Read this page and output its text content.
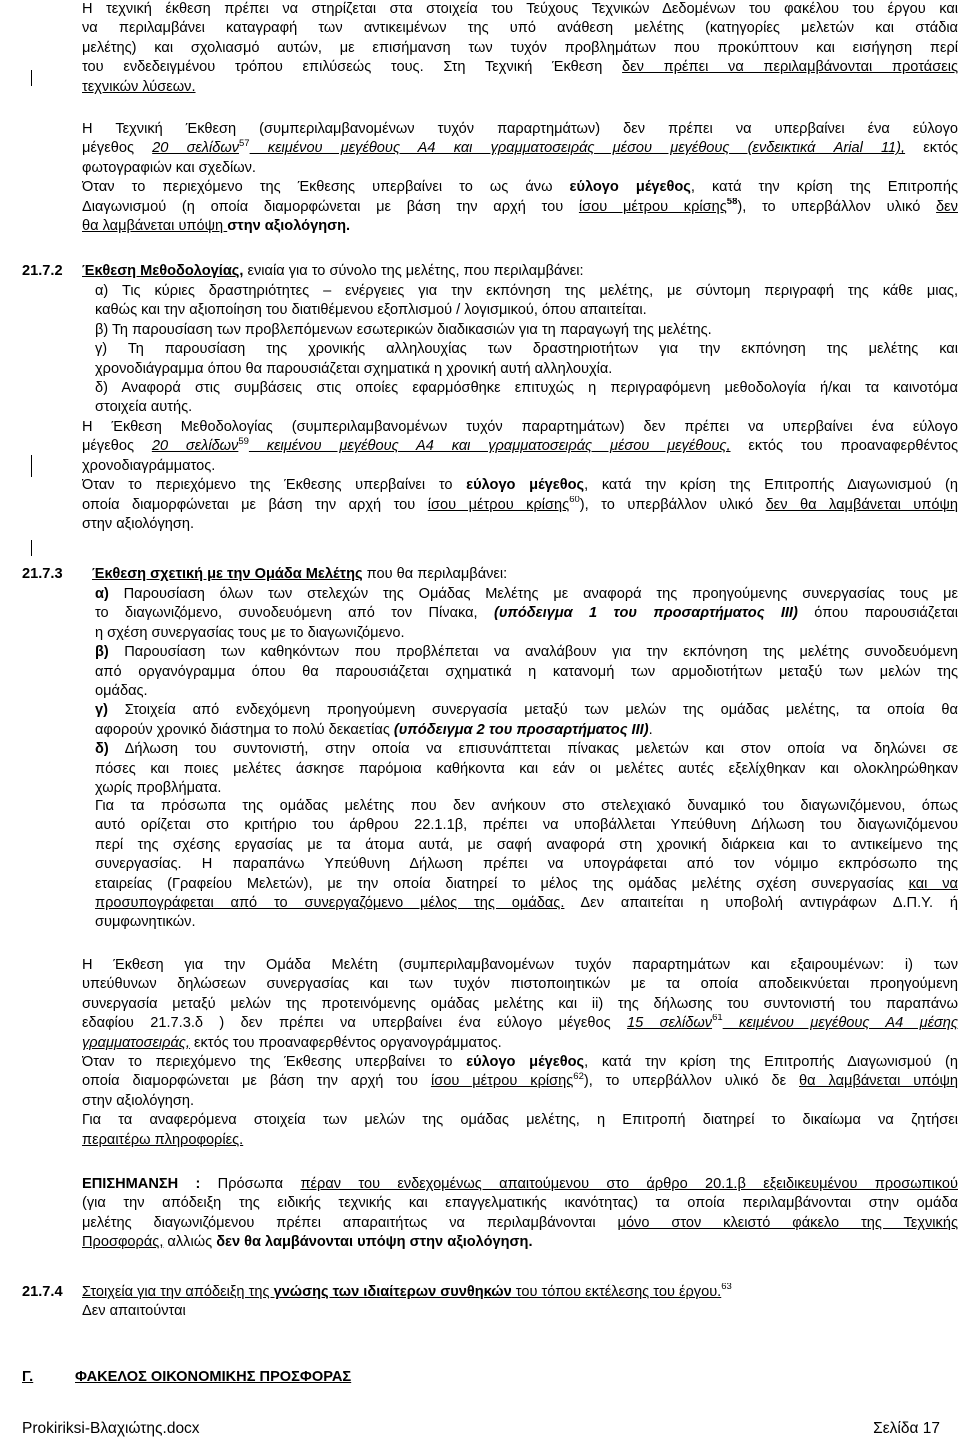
Η τεχνική έκθεση πρέπει να στηρίζεται στα στοιχεία του Τεύχους Τεχνικών Δεδομένων του φακέλου του έργου και
να περιλαμβάνει καταγραφή των αντικειμένων της υπό ανάθεση μελέτης (κατηγορίες μελετών και στάδια
μελέτης) και σχολιασμό αυτών, με επισήμανση των τυχόν προβλημάτων που προκύπτουν και εισήγηση περί
του ενδεδειγμένου τρόπου επιλύσεώς τους. Στη Τεχνική Έκθεση δεν πρέπει να περιλαμβάνονται προτάσεις
τεχνικών λύσεων.
Η Τεχνική Έκθεση (συμπεριλαμβανομένων τυχόν παραρτημάτων) δεν πρέπει να υπερβαίνει ένα εύλογο
μέγεθος 20 σελίδων$^{57}$ κειμένου μεγέθους Α4 και γραμματοσειράς μέσου μεγέθους (ενδεικτικά Arial 11), εκτός
φωτογραφιών και σχεδίων.
Όταν το περιεχόμενο της Έκθεσης υπερβαίνει το ως άνω εύλογο μέγεθος, κατά την κρίση της Επιτροπής
Διαγωνισμού (η οποία διαμορφώνεται με βάση την αρχή του ίσου μέτρου κρίσης$^{58}$), το υπερβάλλον υλικό δεν
θα λαμβάνεται υπόψη στην αξιολόγηση.
21.7.2 Έκθεση Μεθοδολογίας, ενιαία για το σύνολο της μελέτης, που περιλαμβάνει:
α) Τις κύριες δραστηριότητες – ενέργειες για την εκπόνηση της μελέτης, με σύντομη περιγραφή της κάθε μιας,
καθώς και την αξιοποίηση του διατιθέμενου εξοπλισμού / λογισμικού, όπου απαιτείται.
β) Τη παρουσίαση των προβλεπόμενων εσωτερικών διαδικασιών για τη παραγωγή της μελέτης.
γ) Τη παρουσίαση της χρονικής αλληλουχίας των δραστηριοτήτων για την εκπόνηση της μελέτης και
χρονοδιάγραμμα όπου θα παρουσιάζεται σχηματικά η χρονική αυτή αλληλουχία.
δ) Αναφορά στις συμβάσεις στις οποίες εφαρμόσθηκε επιτυχώς η περιγραφόμενη μεθοδολογία ή/και τα καινοτόμα
στοιχεία αυτής.
Η Έκθεση Μεθοδολογίας (συμπεριλαμβανομένων τυχόν παραρτημάτων) δεν πρέπει να υπερβαίνει ένα εύλογο
μέγεθος 20 σελίδων$^{59}$ κειμένου μεγέθους Α4 και γραμματοσειράς μέσου μεγέθους, εκτός του προαναφερθέντος
χρονοδιαγράμματος.
Όταν το περιεχόμενο της Έκθεσης υπερβαίνει το εύλογο μέγεθος, κατά την κρίση της Επιτροπής Διαγωνισμού (η
οποία διαμορφώνεται με βάση την αρχή του ίσου μέτρου κρίσης$^{60}$), το υπερβάλλον υλικό δεν θα λαμβάνεται υπόψη
στην αξιολόγηση.
21.7.3 Έκθεση σχετική με την Ομάδα Μελέτης που θα περιλαμβάνει:
α) Παρουσίαση όλων των στελεχών της Ομάδας Μελέτης με αναφορά της προηγούμενης συνεργασίας τους με
το διαγωνιζόμενο, συνοδευόμενη από τον Πίνακα, (υπόδειγμα 1 του προσαρτήματος ΙΙΙ) όπου παρουσιάζεται
η σχέση συνεργασίας τους με το διαγωνιζόμενο.
β) Παρουσίαση των καθηκόντων που προβλέπεται να αναλάβουν για την εκπόνηση της μελέτης συνοδευόμενη
από οργανόγραμμα όπου θα παρουσιάζεται σχηματικά η κατανομή των αρμοδιοτήτων μεταξύ των μελών της
ομάδας.
γ) Στοιχεία από ενδεχόμενη προηγούμενη συνεργασία μεταξύ των μελών της ομάδας μελέτης, τα οποία θα
αφορούν χρονικό διάστημα το πολύ δεκαετίας (υπόδειγμα 2 του προσαρτήματος ΙΙΙ).
δ) Δήλωση του συντονιστή, στην οποία να επισυνάπτεται πίνακας μελετών και στον οποία να δηλώνει σε
πόσες και ποιες μελέτες άσκησε παρόμοια καθήκοντα και εάν οι μελέτες αυτές εξελίχθηκαν και ολοκληρώθηκαν
χωρίς προβλήματα.
Για τα πρόσωπα της ομάδας μελέτης που δεν ανήκουν στο στελεχιακό δυναμικό του διαγωνιζόμενου, όπως
αυτό ορίζεται στο κριτήριο του άρθρου 22.1.1β, πρέπει να υποβάλλεται Υπεύθυνη Δήλωση του διαγωνιζόμενου
περί της σχέσης εργασίας με τα άτομα αυτά, με σαφή αναφορά στη χρονική διάρκεια και το αντικείμενο της
συνεργασίας. Η παραπάνω Υπεύθυνη Δήλωση πρέπει να υπογράφεται από τον νόμιμο εκπρόσωπο της
εταιρείας (Γραφείου Μελετών), με την οποία διατηρεί το μέλος της ομάδας μελέτης σχέση συνεργασίας και να
προσυπογράφεται από το συνεργαζόμενο μέλος της ομάδας. Δεν απαιτείται η υποβολή αντιγράφων Δ.Π.Υ. ή
συμφωνητικών.
Η Έκθεση για την Ομάδα Μελέτη (συμπεριλαμβανομένων τυχόν παραρτημάτων και εξαιρουμένων: i) των
υπεύθυνων δηλώσεων συνεργασίας και των τυχόν πιστοποιητικών με τα οποία αποδεικνύεται προηγούμενη
συνεργασία μεταξύ μελών της προτεινόμενης ομάδας μελέτης και ii) της δήλωσης του συντονιστή του παραπάνω
εδαφίου 21.7.3.δ ) δεν πρέπει να υπερβαίνει ένα εύλογο μέγεθος 15 σελίδων$^{61}$ κειμένου μεγέθους Α4 μέσης
γραμματοσειράς, εκτός του προαναφερθέντος οργανογράμματος.
Όταν το περιεχόμενο της Έκθεσης υπερβαίνει το εύλογο μέγεθος, κατά την κρίση της Επιτροπής Διαγωνισμού (η
οποία διαμορφώνεται με βάση την αρχή του ίσου μέτρου κρίσης$^{62}$), το υπερβάλλον υλικό δε θα λαμβάνεται υπόψη
στην αξιολόγηση.
Για τα αναφερόμενα στοιχεία των μελών της ομάδας μελέτης, η Επιτροπή διατηρεί το δικαίωμα να ζητήσει
περαιτέρω πληροφορίες.
ΕΠΙΣΗΜΑΝΣΗ : Πρόσωπα πέραν του ενδεχομένως απαιτούμενου στο άρθρο 20.1.β εξειδικευμένου προσωπικού
(για την απόδειξη της ειδικής τεχνικής και επαγγελματικής ικανότητας) τα οποία περιλαμβάνονται στην ομάδα
μελέτης διαγωνιζόμενου πρέπει απαραιτήτως να περιλαμβάνονται μόνο στον κλειστό φάκελο της Τεχνικής
Προσφοράς, αλλιώς δεν θα λαμβάνονται υπόψη στην αξιολόγηση.
21.7.4 Στοιχεία για την απόδειξη της γνώσης των ιδιαίτερων συνθηκών του τόπου εκτέλεσης του έργου.$^{63}$
Δεν απαιτούνται
Γ.	ΦΑΚΕΛΟΣ ΟΙΚΟΝΟΜΙΚΗΣ ΠΡΟΣΦΟΡΑΣ
Prokiriksi-Βλαχιώτης.docx	Σελίδα 17
